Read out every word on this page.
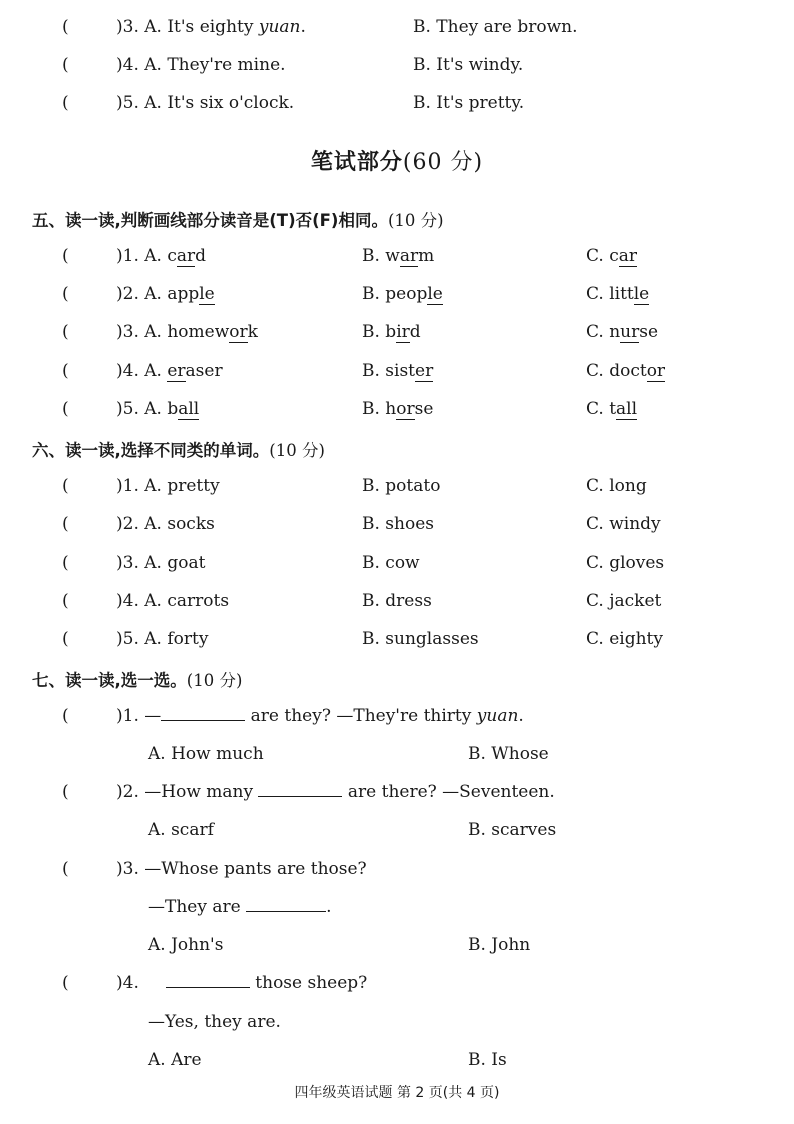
(	)3. A. It's eighty yuan.	B. They are brown.
(	)4. A. They're mine.	B. It's windy.
(	)5. A. It's six o'clock.	B. It's pretty.
笔试部分(60 分)
五、读一读,判断画线部分读音是(T)否(F)相同。(10 分)
(	)1. A. card	B. warm	C. car
(	)2. A. apple	B. people	C. little
(	)3. A. homework	B. bird	C. nurse
(	)4. A. eraser	B. sister	C. doctor
(	)5. A. ball	B. horse	C. tall
六、读一读,选择不同类的单词。(10 分)
(	)1. A. pretty	B. potato	C. long
(	)2. A. socks	B. shoes	C. windy
(	)3. A. goat	B. cow	C. gloves
(	)4. A. carrots	B. dress	C. jacket
(	)5. A. forty	B. sunglasses	C. eighty
七、读一读,选一选。(10 分)
(	)1. —	are they? —They're thirty yuan.
A. How much	B. Whose
(	)2. —How many	are there? —Seventeen.
A. scarf	B. scarves
(	)3. —Whose pants are those?
—They are	.
A. John's	B. John
(	)4.	those sheep?
—Yes, they are.
A. Are	B. Is
四年级英语试题 第 2 页(共 4 页)
